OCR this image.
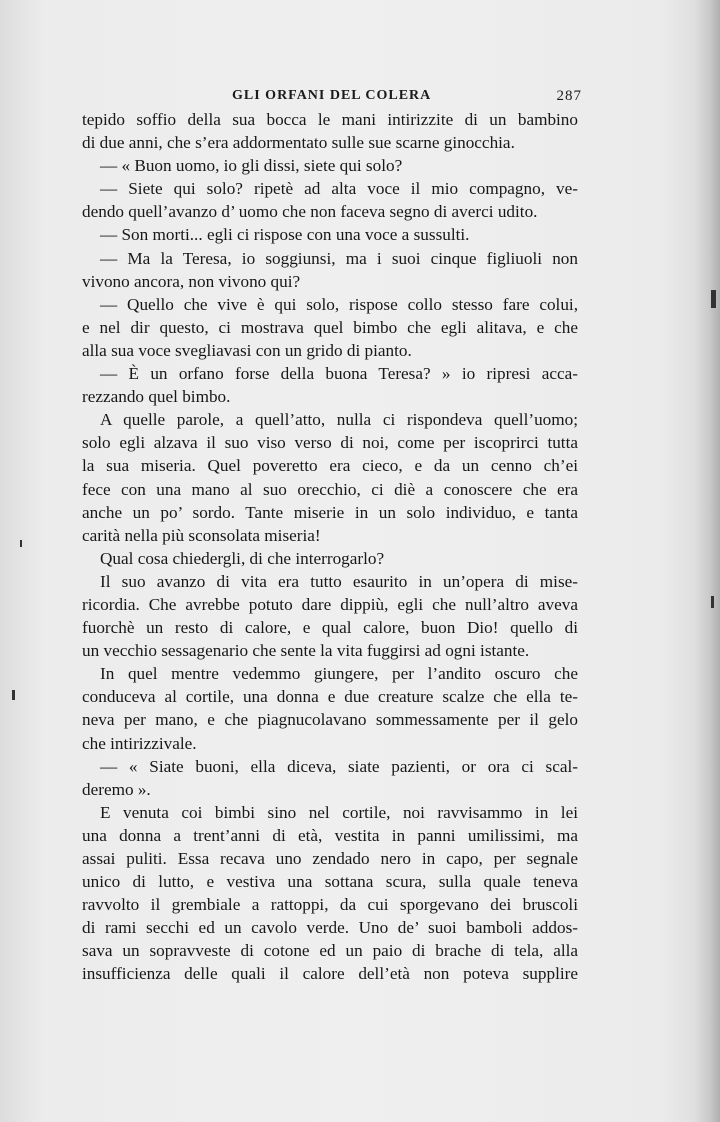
GLI ORFANI DEL COLERA	287
tepido soffio della sua bocca le mani intirizzite di un bambino
di due anni, che s’era addormentato sulle sue scarne ginocchia.
— « Buon uomo, io gli dissi, siete qui solo?
— Siete qui solo? ripetè ad alta voce il mio compagno, ve-
dendo quell’avanzo d’ uomo che non faceva segno di averci udito.
— Son morti... egli ci rispose con una voce a sussulti.
— Ma la Teresa, io soggiunsi, ma i suoi cinque figliuoli non
vivono ancora, non vivono qui?
— Quello che vive è qui solo, rispose collo stesso fare colui,
e nel dir questo, ci mostrava quel bimbo che egli alitava, e che
alla sua voce svegliavasi con un grido di pianto.
— È un orfano forse della buona Teresa? » io ripresi acca-
rezzando quel bimbo.
A quelle parole, a quell’atto, nulla ci rispondeva quell’uomo;
solo egli alzava il suo viso verso di noi, come per iscoprirci tutta
la sua miseria. Quel poveretto era cieco, e da un cenno ch’ei
fece con una mano al suo orecchio, ci diè a conoscere che era
anche un po’ sordo. Tante miserie in un solo individuo, e tanta
carità nella più sconsolata miseria!
Qual cosa chiedergli, di che interrogarlo?
Il suo avanzo di vita era tutto esaurito in un’opera di mise-
ricordia. Che avrebbe potuto dare dippiù, egli che null’altro aveva
fuorchè un resto di calore, e qual calore, buon Dio! quello di
un vecchio sessagenario che sente la vita fuggirsi ad ogni istante.
In quel mentre vedemmo giungere, per l’andito oscuro che
conduceva al cortile, una donna e due creature scalze che ella te-
neva per mano, e che piagnucolavano sommessamente per il gelo
che intirizzivale.
— « Siate buoni, ella diceva, siate pazienti, or ora ci scal-
deremo ».
E venuta coi bimbi sino nel cortile, noi ravvisammo in lei
una donna a trent’anni di età, vestita in panni umilissimi, ma
assai puliti. Essa recava uno zendado nero in capo, per segnale
unico di lutto, e vestiva una sottana scura, sulla quale teneva
ravvolto il grembiale a rattoppi, da cui sporgevano dei bruscoli
di rami secchi ed un cavolo verde. Uno de’ suoi bamboli addos-
sava un sopravveste di cotone ed un paio di brache di tela, alla
insufficienza delle quali il calore dell’età non poteva supplire
